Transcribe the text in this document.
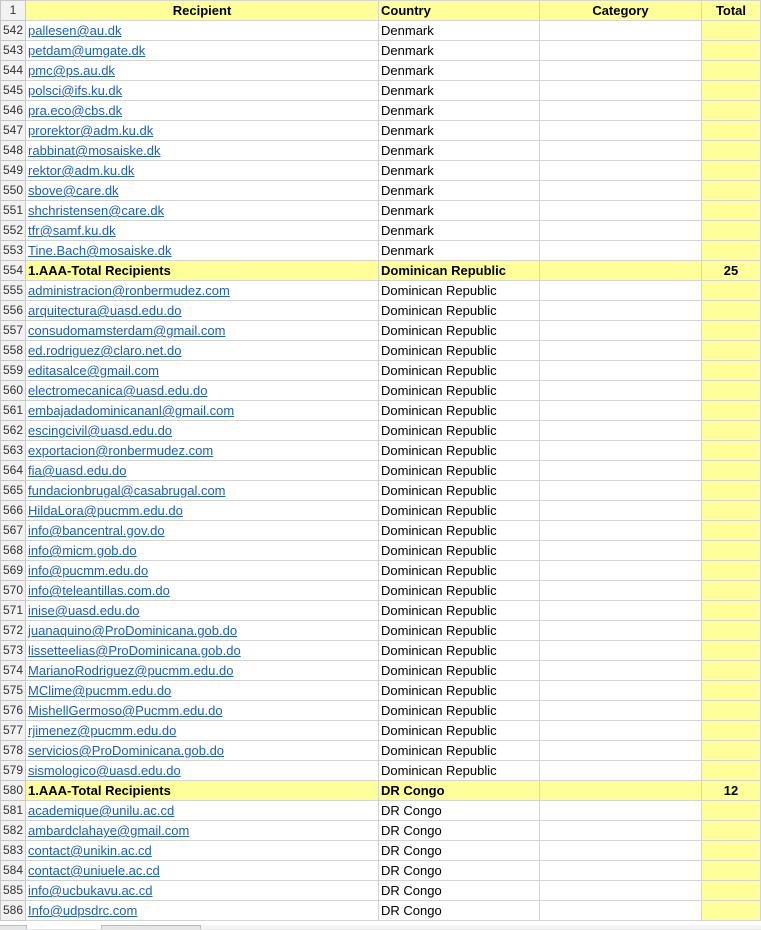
1	Recipient	Country	Category	Total
542	pallesen@au.dk	Denmark		
543	petdam@umgate.dk	Denmark		
544	pmc@ps.au.dk	Denmark		
545	polsci@ifs.ku.dk	Denmark		
546	pra.eco@cbs.dk	Denmark		
547	prorektor@adm.ku.dk	Denmark		
548	rabbinat@mosaiske.dk	Denmark		
549	rektor@adm.ku.dk	Denmark		
550	sbove@care.dk	Denmark		
551	shchristensen@care.dk	Denmark		
552	tfr@samf.ku.dk	Denmark		
553	Tine.Bach@mosaiske.dk	Denmark		
554	1.AAA-Total Recipients	Dominican Republic		25
555	administracion@ronbermudez.com	Dominican Republic		
556	arquitectura@uasd.edu.do	Dominican Republic		
557	consudomamsterdam@gmail.com	Dominican Republic		
558	ed.rodriguez@claro.net.do	Dominican Republic		
559	editasalce@gmail.com	Dominican Republic		
560	electromecanica@uasd.edu.do	Dominican Republic		
561	embajadadominicananl@gmail.com	Dominican Republic		
562	escingcivil@uasd.edu.do	Dominican Republic		
563	exportacion@ronbermudez.com	Dominican Republic		
564	fia@uasd.edu.do	Dominican Republic		
565	fundacionbrugal@casabrugal.com	Dominican Republic		
566	HildaLora@pucmm.edu.do	Dominican Republic		
567	info@bancentral.gov.do	Dominican Republic		
568	info@micm.gob.do	Dominican Republic		
569	info@pucmm.edu.do	Dominican Republic		
570	info@teleantillas.com.do	Dominican Republic		
571	inise@uasd.edu.do	Dominican Republic		
572	juanaquino@ProDominicana.gob.do	Dominican Republic		
573	lissetteelias@ProDominicana.gob.do	Dominican Republic		
574	MarianoRodriguez@pucmm.edu.do	Dominican Republic		
575	MClime@pucmm.edu.do	Dominican Republic		
576	MishellGermoso@Pucmm.edu.do	Dominican Republic		
577	rjimenez@pucmm.edu.do	Dominican Republic		
578	servicios@ProDominicana.gob.do	Dominican Republic		
579	sismologico@uasd.edu.do	Dominican Republic		
580	1.AAA-Total Recipients	DR Congo		12
581	academique@unilu.ac.cd	DR Congo		
582	ambardclahaye@gmail.com	DR Congo		
583	contact@unikin.ac.cd	DR Congo		
584	contact@uniuele.ac.cd	DR Congo		
585	info@ucbukavu.ac.cd	DR Congo		
586	Info@udpsdrc.com	DR Congo		
